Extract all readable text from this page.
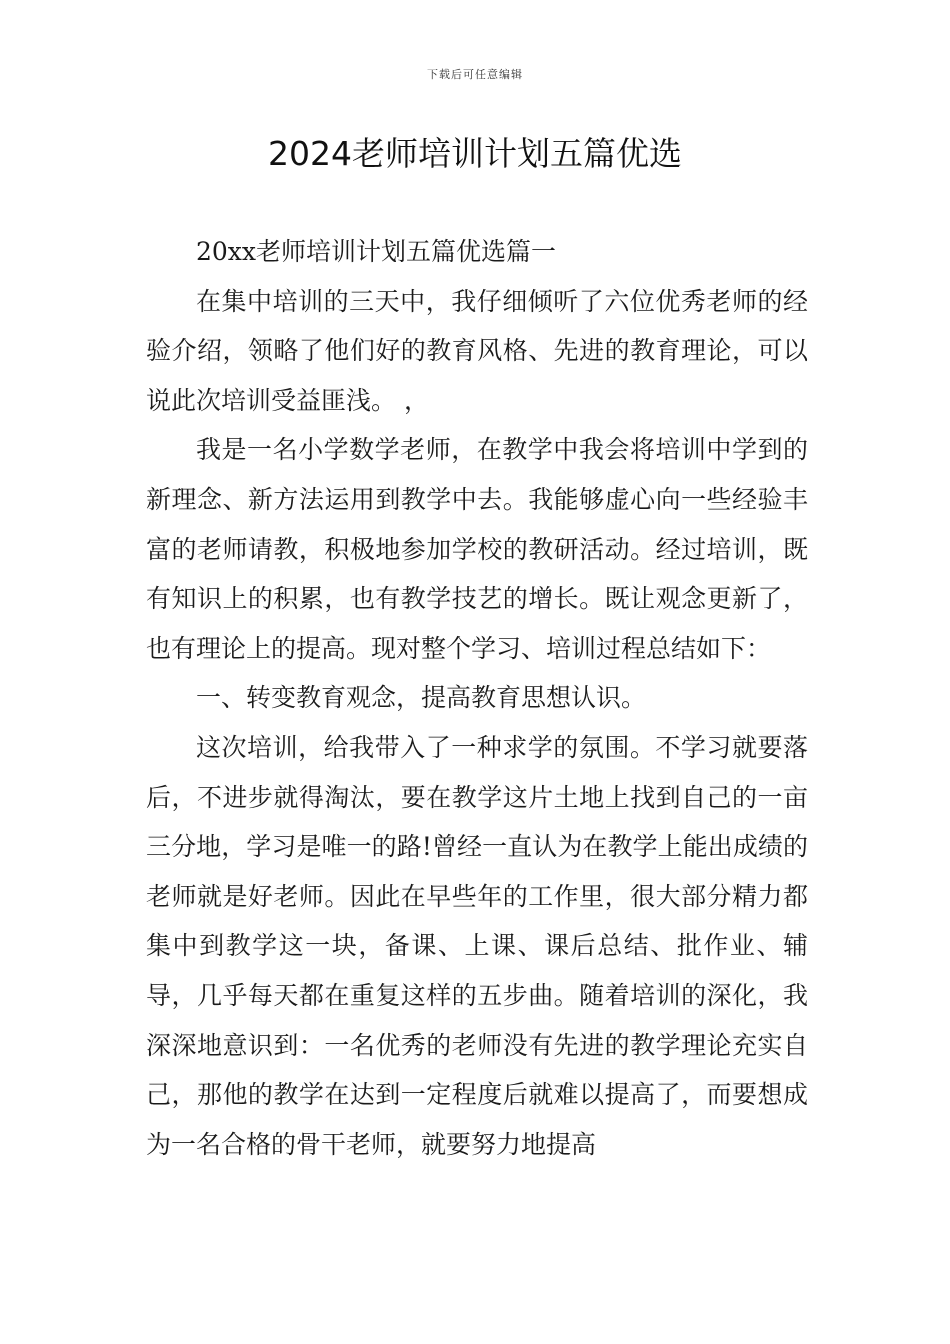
下载后可任意编辑
2024老师培训计划五篇优选

20xx老师培训计划五篇优选篇一

在集中培训的三天中，我仔细倾听了六位优秀老师的经验介绍，领略了他们好的教育风格、先进的教育理论，可以说此次培训受益匪浅。 ，

我是一名小学数学老师，在教学中我会将培训中学到的新理念、新方法运用到教学中去。我能够虚心向一些经验丰富的老师请教，积极地参加学校的教研活动。经过培训，既有知识上的积累，也有教学技艺的增长。既让观念更新了，也有理论上的提高。现对整个学习、培训过程总结如下：

一、转变教育观念，提高教育思想认识。

这次培训，给我带入了一种求学的氛围。不学习就要落后，不进步就得淘汰，要在教学这片土地上找到自己的一亩三分地，学习是唯一的路!曾经一直认为在教学上能出成绩的老师就是好老师。因此在早些年的工作里，很大部分精力都集中到教学这一块，备课、上课、课后总结、批作业、辅导，几乎每天都在重复这样的五步曲。随着培训的深化，我深深地意识到：一名优秀的老师没有先进的教学理论充实自己，那他的教学在达到一定程度后就难以提高了，而要想成为一名合格的骨干老师，就要努力地提高
